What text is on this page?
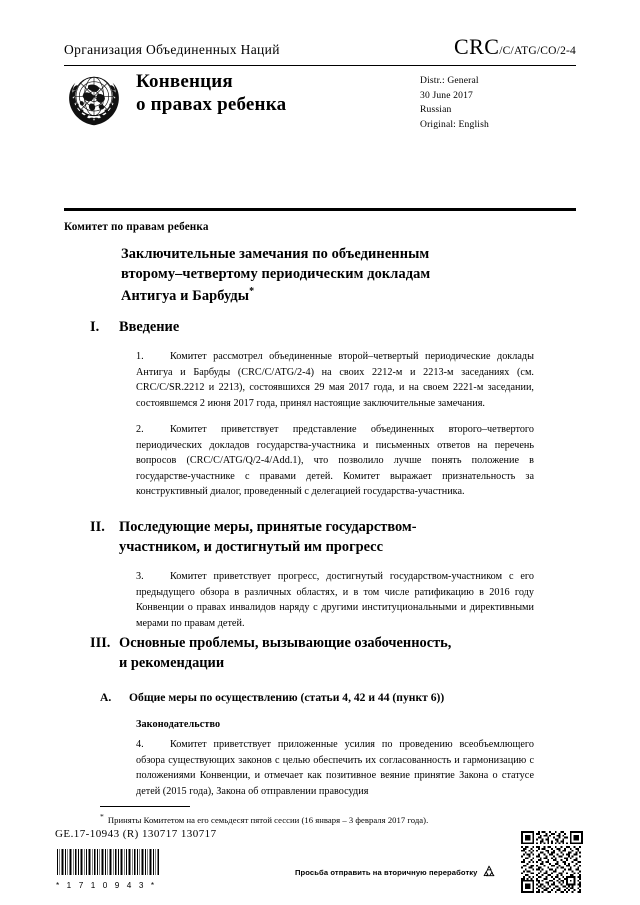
Организация Объединенных Наций	CRC/C/ATG/CO/2-4
Конвенция
о правах ребенка
Distr.: General
30 June 2017
Russian
Original: English
Комитет по правам ребенка
Заключительные замечания по объединенным
второму–четвертому периодическим докладам
Антигуа и Барбуды*
I.	Введение
1.	Комитет рассмотрел объединенные второй–четвертый периодические доклады Антигуа и Барбуды (CRC/C/ATG/2-4) на своих 2212-м и 2213-м заседаниях (см. CRC/C/SR.2212 и 2213), состоявшихся 29 мая 2017 года, и на своем 2221-м заседании, состоявшемся 2 июня 2017 года, принял настоящие заключительные замечания.
2.	Комитет приветствует представление объединенных второго–четвертого периодических докладов государства-участника и письменных ответов на перечень вопросов (CRC/C/ATG/Q/2-4/Add.1), что позволило лучше понять положение в государстве-участнике с правами детей. Комитет выражает признательность за конструктивный диалог, проведенный с делегацией государства-участника.
II. Последующие меры, принятые государством-
участником, и достигнутый им прогресс
3.	Комитет приветствует прогресс, достигнутый государством-участником с его предыдущего обзора в различных областях, и в том числе ратификацию в 2016 году Конвенции о правах инвалидов наряду с другими институциональными и директивными мерами по правам детей.
III. Основные проблемы, вызывающие озабоченность,
и рекомендации
A.	Общие меры по осуществлению (статьи 4, 42 и 44 (пункт 6))
Законодательство
4.	Комитет приветствует приложенные усилия по проведению всеобъемлющего обзора существующих законов с целью обеспечить их согласованность и гармонизацию с положениями Конвенции, и отмечает как позитивное веяние принятие Закона о статусе детей (2015 года), Закона об отправлении правосудия
* Приняты Комитетом на его семьдесят пятой сессии (16 января – 3 февраля 2017 года).
GE.17-10943 (R) 130717 130717
* 1 7 1 0 9 4 3 *
Просьба отправить на вторичную переработку
